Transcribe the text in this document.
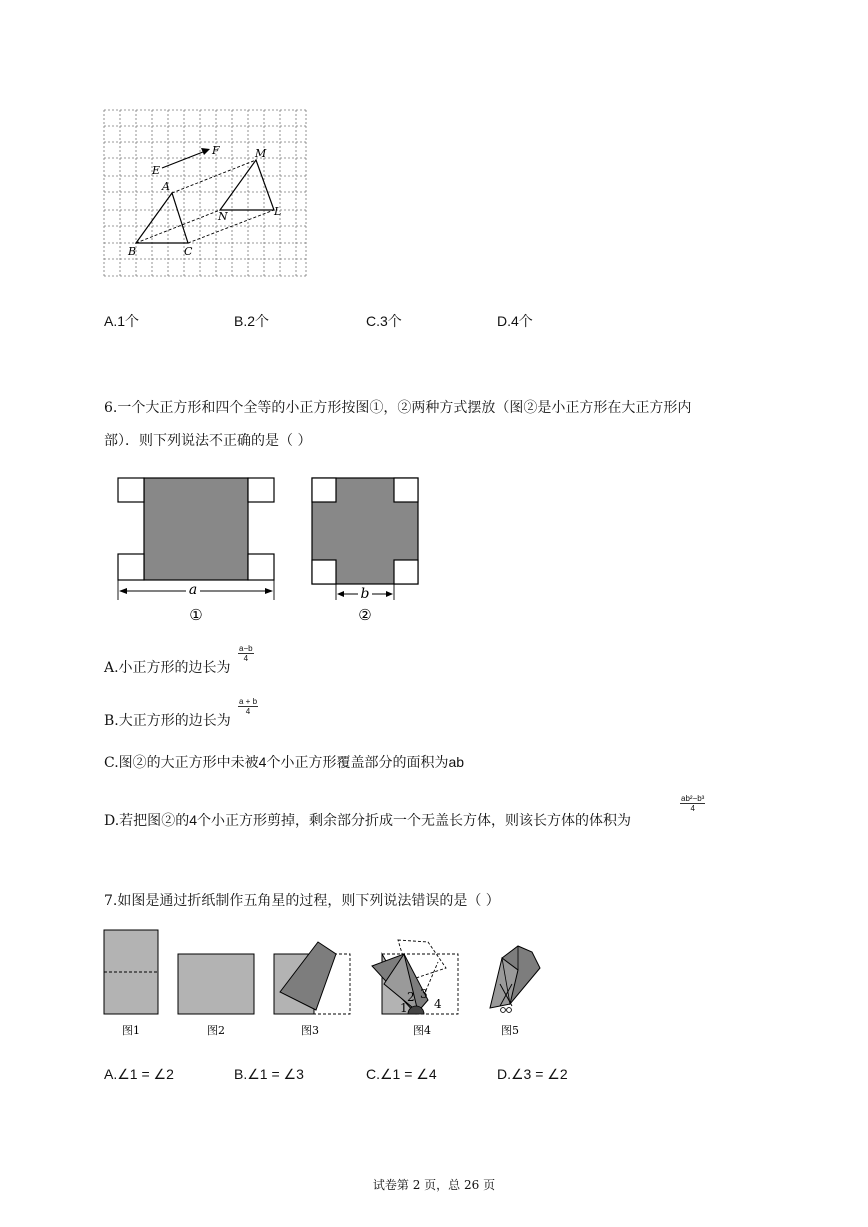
F
E
M
A
N	L
B	C
A.1个	B.2个	C.3个	D.4个
6.一个大正方形和四个全等的小正方形按图①，②两种方式摆放（图②是小正方形在大正方形内
部）．则下列说法不正确的是（ ）
a
①
b
②
A.小正方形的边长为
$\frac{a-b}{4}$
B.大正方形的边长为
$\frac{a + b}{4}$
C.图②的大正方形中未被4个小正方形覆盖部分的面积为ab
D.若把图②的4个小正方形剪掉，剩余部分折成一个无盖长方体，则该长方体的体积为
$\frac{\text{ab²−b³}}{4}$
7.如图是通过折纸制作五角星的过程，则下列说法错误的是（ ）
1
2 3
4
图1	图2	图3	图4	图5
A.∠1 = ∠2	B.∠1 = ∠3	C.∠1 = ∠4	D.∠3 = ∠2
试卷第 2 页，总 26 页
